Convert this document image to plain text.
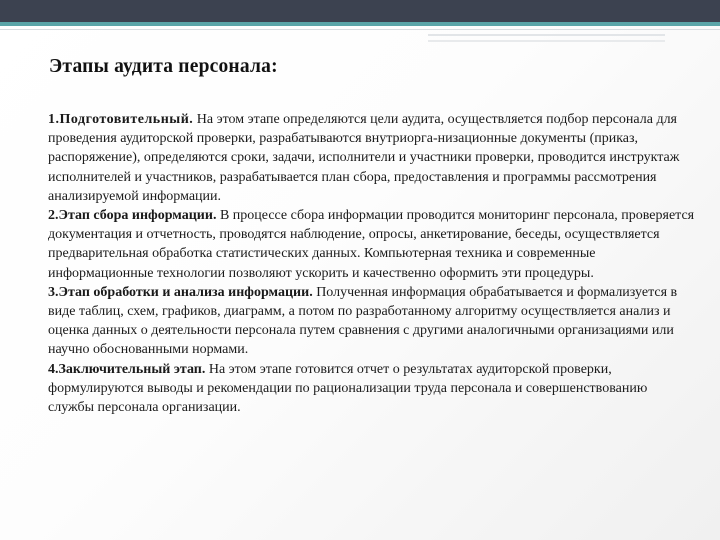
Этапы аудита персонала:

1.Подготовительный. На этом этапе определяются цели аудита, осуществляется подбор персонала для проведения аудиторской проверки, разрабатываются внутриорга-низационные документы (приказ, распоряжение), определяются сроки, задачи, исполнители и участники проверки, проводится инструктаж исполнителей и участников, разрабатывается план сбора, предоставления и программы рассмотрения анализируемой информации.

2.Этап сбора информации. В процессе сбора информации проводится мониторинг персонала, проверяется документация и отчетность, проводятся наблюдение, опросы, анкетирование, беседы, осуществляется предварительная обработка статистических данных. Компьютерная техника и современные информационные технологии позволяют ускорить и качественно оформить эти процедуры.

3.Этап обработки и анализа информации. Полученная информация обрабатывается и формализуется в виде таблиц, схем, графиков, диаграмм, а потом по разработанному алгоритму осуществляется анализ и оценка данных о деятельности персонала путем сравнения с другими аналогичными организациями или научно обоснованными нормами.

4.Заключительный этап. На этом этапе готовится отчет о результатах аудиторской проверки, формулируются выводы и рекомендации по рационализации труда персонала и совершенствованию службы персонала организации.
